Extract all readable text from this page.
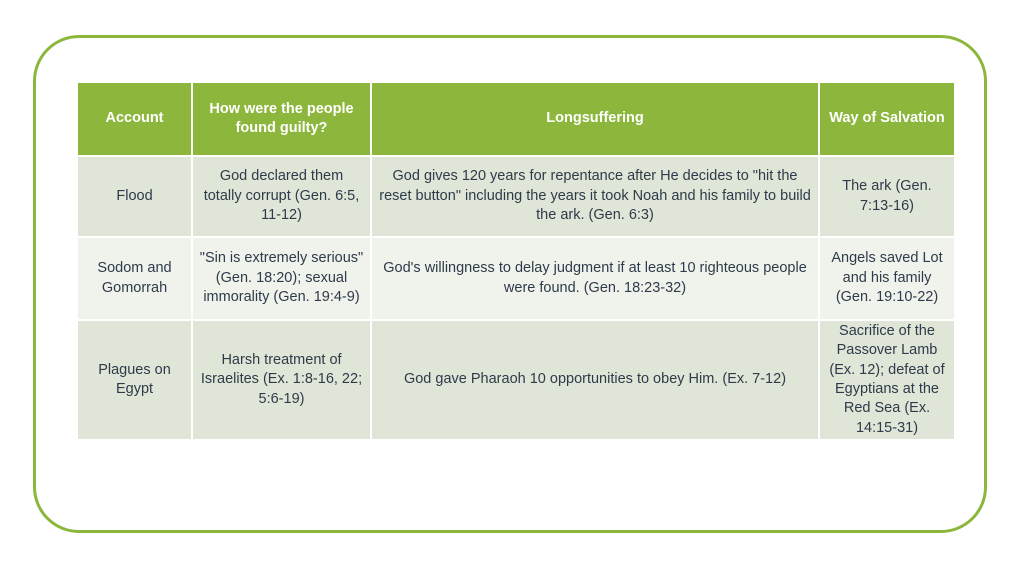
Account	How were the people found guilty?	Longsuffering	Way of Salvation
Flood	God declared them totally corrupt (Gen. 6:5, 11-12)	God gives 120 years for repentance after He decides to "hit the reset button" including the years it took Noah and his family to build the ark. (Gen. 6:3)	The ark (Gen. 7:13-16)
Sodom and Gomorrah	"Sin is extremely serious" (Gen. 18:20); sexual immorality (Gen. 19:4-9)	God's willingness to delay judgment if at least 10 righteous people were found. (Gen. 18:23-32)	Angels saved Lot and his family (Gen. 19:10-22)
Plagues on Egypt	Harsh treatment of Israelites (Ex. 1:8-16, 22; 5:6-19)	God gave Pharaoh 10 opportunities to obey Him. (Ex. 7-12)	Sacrifice of the Passover Lamb (Ex. 12); defeat of Egyptians at the Red Sea (Ex. 14:15-31)
